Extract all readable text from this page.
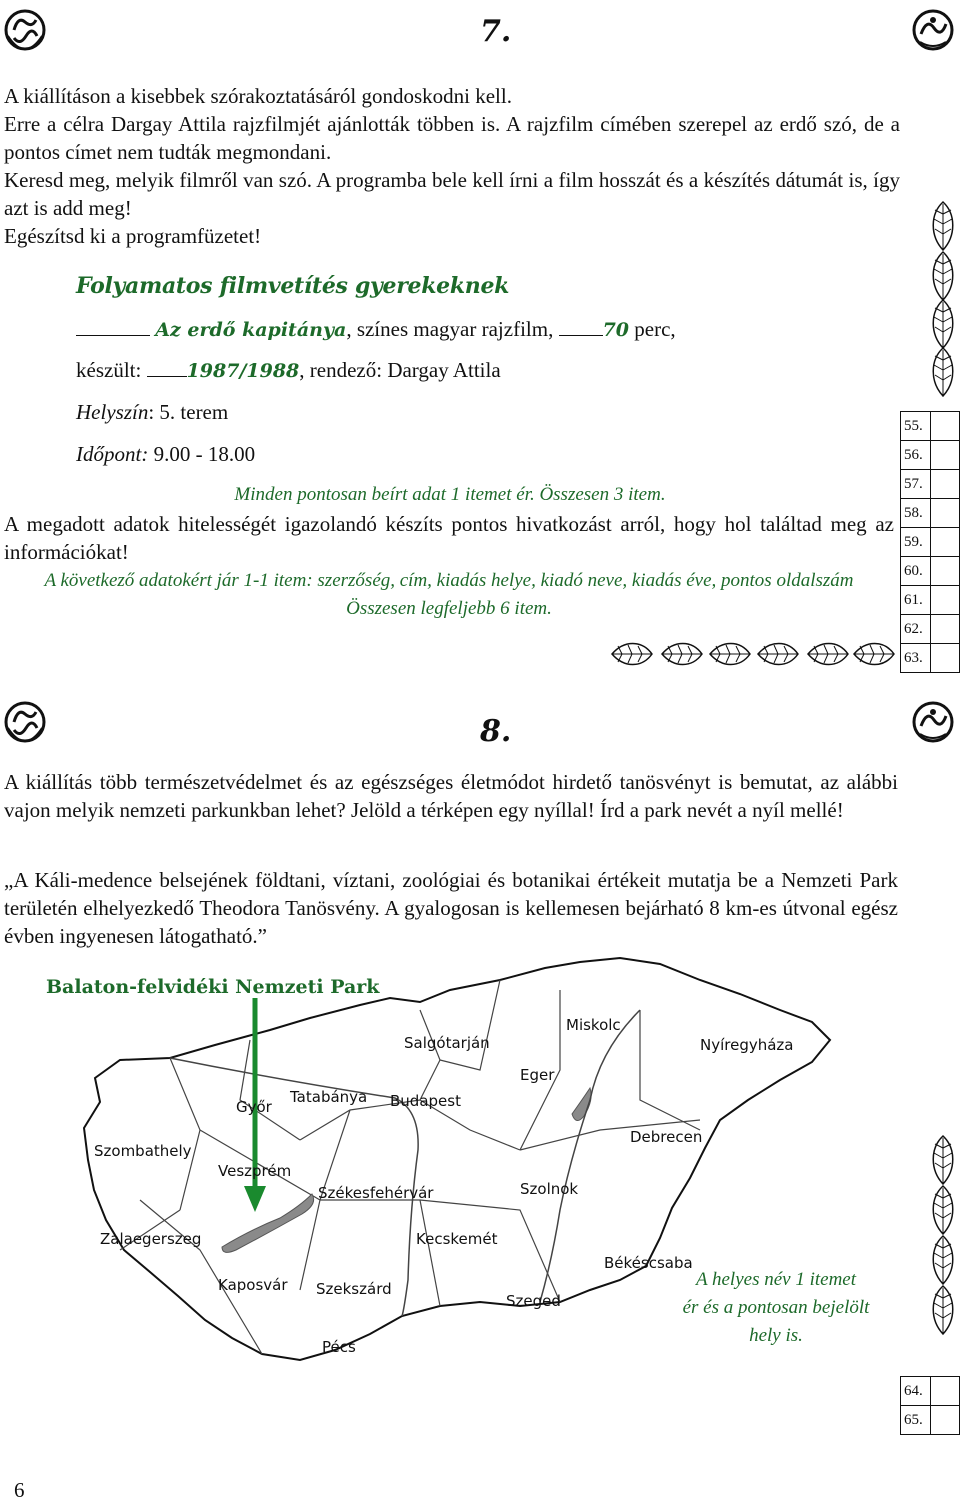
7.

A kiállításon a kisebbek szórakoztatásáról gondoskodni kell.

Erre a célra Dargay Attila rajzfilmjét ajánlották többen is. A rajzfilm címében szerepel az erdő szó, de a pontos címet nem tudták megmondani.

Keresd meg, melyik filmről van szó. A programba bele kell írni a film hosszát és a készítés dátumát is, így azt is add meg!

Egészítsd ki a programfüzetet!

Folyamatos filmvetítés gyerekeknek
Az erdő kapitánya, színes magyar rajzfilm,	70 perc,
készült: 1987/1988, rendező: Dargay Attila
Helyszín: 5. terem
Időpont: 9.00 - 18.00
Minden pontosan beírt adat 1 itemet ér. Összesen 3 item.
A megadott adatok hitelességét igazolandó készíts pontos hivatkozást arról, hogy hol találtad meg az információkat!
A következő adatokért jár 1-1 item: szerzőség, cím, kiadás helye, kiadó neve, kiadás éve, pontos oldalszám
Összesen legfeljebb 6 item.
55.	
56.	
57.	
58.	
59.	
60.	
61.	
62.	
63.	
8.
A kiállítás több természetvédelmet és az egészséges életmódot hirdető tanösvényt is bemutat, az alábbi vajon melyik nemzeti parkunkban lehet? Jelöld a térképen egy nyíllal! Írd a park nevét a nyíl mellé!
„A Káli-medence belsejének földtani, víztani, zoológiai és botanikai értékeit mutatja be a Nemzeti Park területén elhelyezkedő Theodora Tanösvény. A gyalogosan is kellemesen bejárható 8 km-es útvonal egész évben ingyenesen látogatható.”
Miskolc
Salgótarján	Nyíregyháza
Eger
Győr
Tatabánya Budapest
Debrecen
Szombathely
Veszprém
Székesfehérvár	Szolnok
Zalaegerszeg	Kecskemét
Békéscsaba
Kaposvár Szekszárd
Szeged
Pécs
Balaton-felvidéki Nemzeti Park
A helyes név 1 itemet
ér és a pontosan bejelölt
hely is.
64.	
65.	
6
